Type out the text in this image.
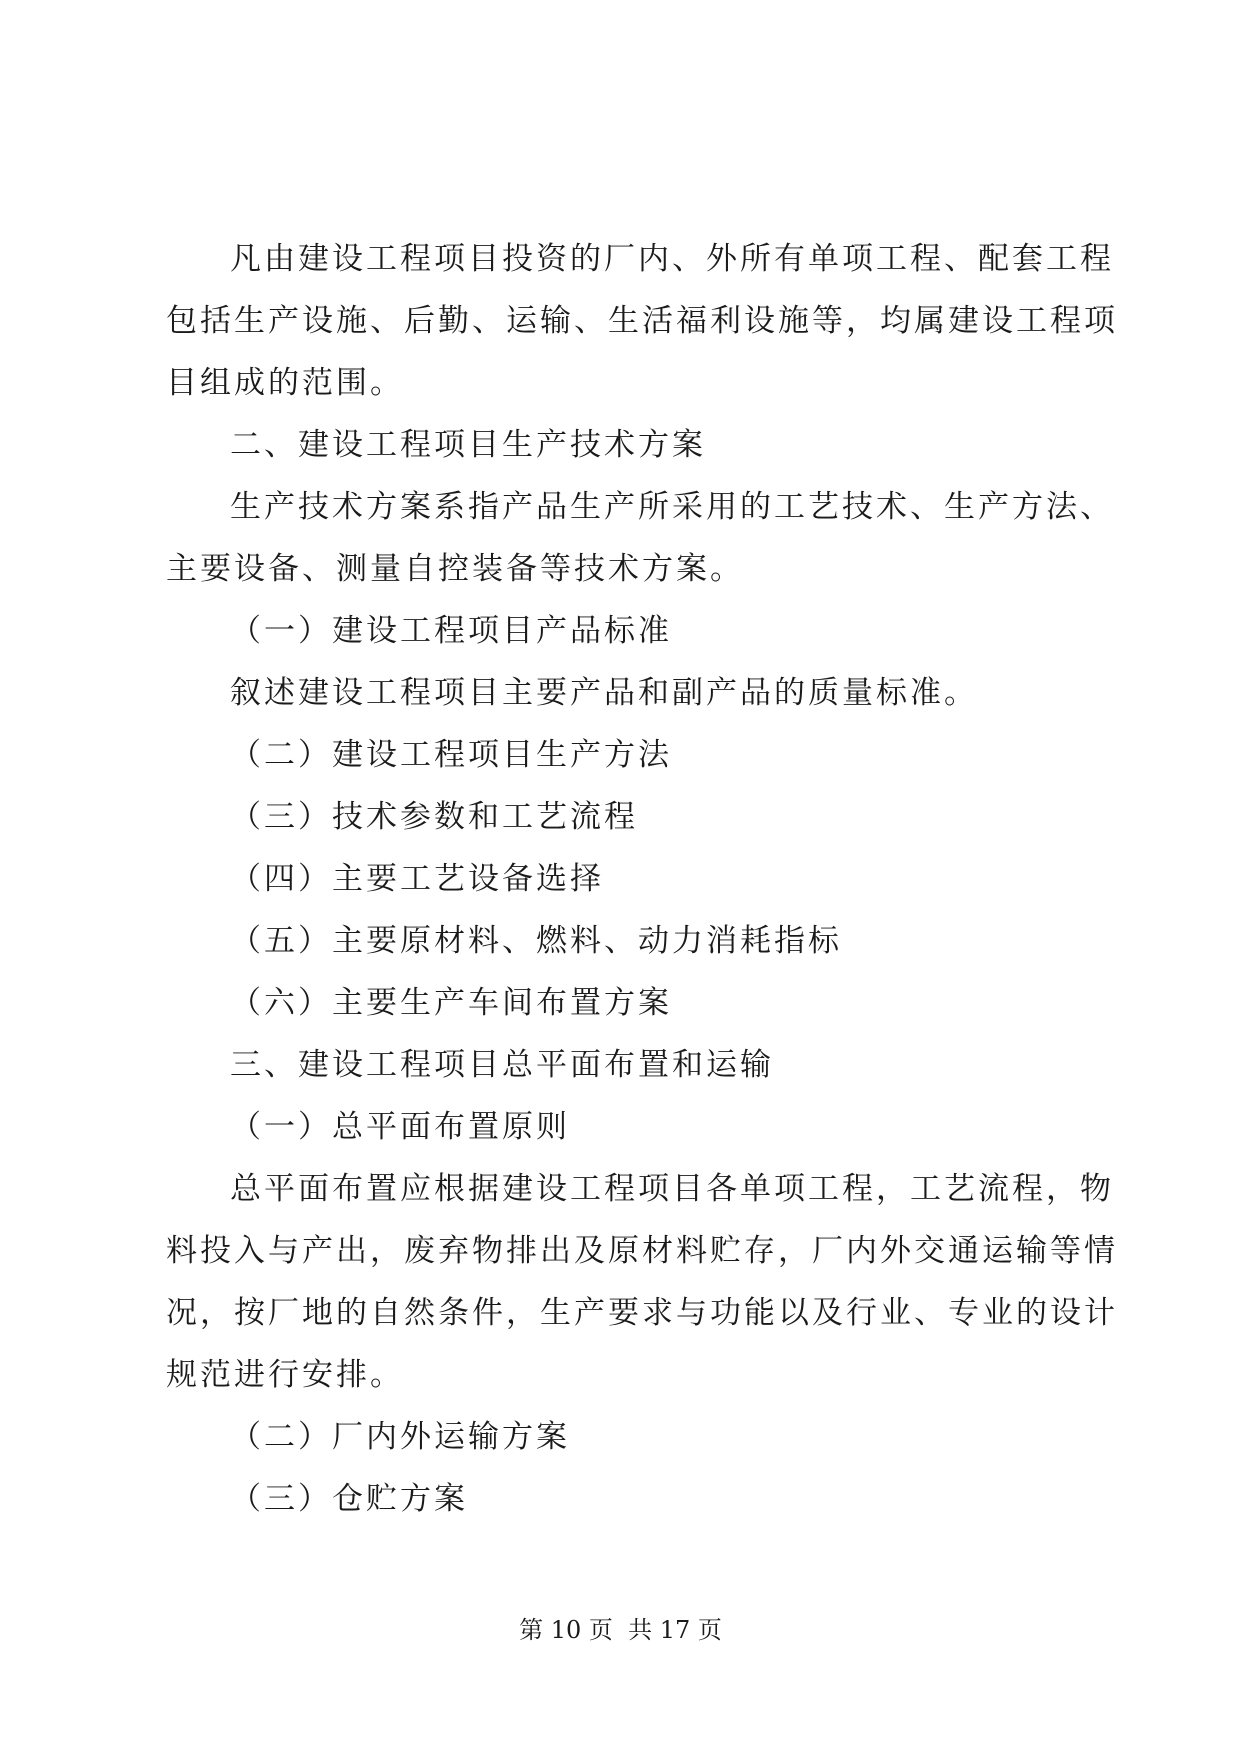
凡由建设工程项目投资的厂内、外所有单项工程、配套工程
包括生产设施、后勤、运输、生活福利设施等，均属建设工程项
目组成的范围。
二、建设工程项目生产技术方案
生产技术方案系指产品生产所采用的工艺技术、生产方法、
主要设备、测量自控装备等技术方案。
（一）建设工程项目产品标准
叙述建设工程项目主要产品和副产品的质量标准。
（二）建设工程项目生产方法
（三）技术参数和工艺流程
（四）主要工艺设备选择
（五）主要原材料、燃料、动力消耗指标
（六）主要生产车间布置方案
三、建设工程项目总平面布置和运输
（一）总平面布置原则
总平面布置应根据建设工程项目各单项工程，工艺流程，物
料投入与产出，废弃物排出及原材料贮存，厂内外交通运输等情
况，按厂地的自然条件，生产要求与功能以及行业、专业的设计
规范进行安排。
（二）厂内外运输方案
（三）仓贮方案
第 10 页  共 17 页
